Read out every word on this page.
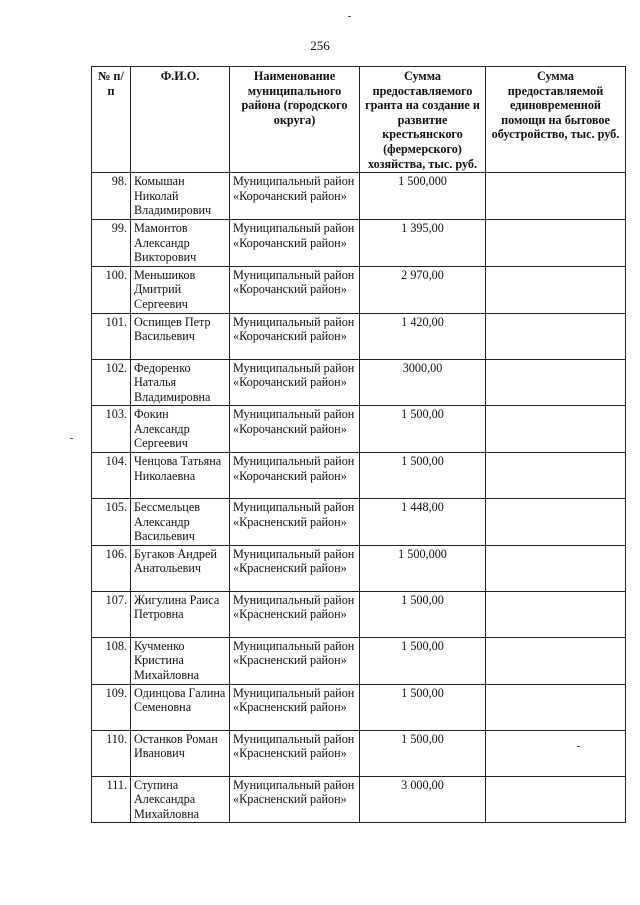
256
№ п/п	Ф.И.О.	Наименование муниципального района (городского округа)	Сумма предоставляемого гранта на создание и развитие крестьянского (фермерского) хозяйства, тыс. руб.	Сумма предоставляемой единовременной помощи на бытовое обустройство, тыс. руб.
98.	Комышан Николай Владимирович	Муниципальный район «Корочанский район»	1 500,000	
99.	Мамонтов Александр Викторович	Муниципальный район «Корочанский район»	1 395,00	
100.	Меньшиков Дмитрий Сергеевич	Муниципальный район «Корочанский район»	2 970,00	
101.	Оспищев Петр Васильевич	Муниципальный район «Корочанский район»	1 420,00	
102.	Федоренко Наталья Владимировна	Муниципальный район «Корочанский район»	3000,00	
103.	Фокин Александр Сергеевич	Муниципальный район «Корочанский район»	1 500,00	
104.	Ченцова Татьяна Николаевна	Муниципальный район «Корочанский район»	1 500,00	
105.	Бессмельцев Александр Васильевич	Муниципальный район «Красненский район»	1 448,00	
106.	Бугаков Андрей Анатольевич	Муниципальный район «Красненский район»	1 500,000	
107.	Жигулина Раиса Петровна	Муниципальный район «Красненский район»	1 500,00	
108.	Кучменко Кристина Михайловна	Муниципальный район «Красненский район»	1 500,00	
109.	Одинцова Галина Семеновна	Муниципальный район «Красненский район»	1 500,00	
110.	Останков Роман Иванович	Муниципальный район «Красненский район»	1 500,00	
111.	Ступина Александра Михайловна	Муниципальный район «Красненский район»	3 000,00	
